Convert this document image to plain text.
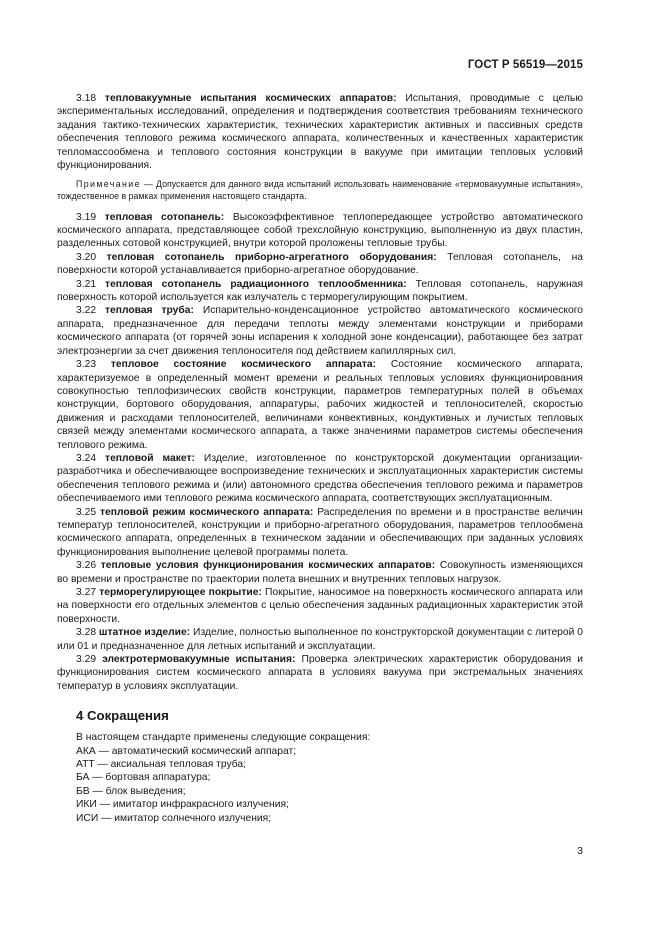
ГОСТ Р 56519—2015

3.18 тепловакуумные испытания космических аппаратов: Испытания, проводимые с целью экспериментальных исследований, определения и подтверждения соответствия требованиям технического задания тактико-технических характеристик, технических характеристик активных и пассивных средств обеспечения теплового режима космического аппарата, количественных и качественных характеристик тепломассообмена и теплового состояния конструкции в вакууме при имитации тепловых условий функционирования.

Примечание — Допускается для данного вида испытаний использовать наименование «термовакуумные испытания», тождественное в рамках применения настоящего стандарта.

3.19 тепловая сотопанель: Высокоэффективное теплопередающее устройство автоматического космического аппарата, представляющее собой трехслойную конструкцию, выполненную из двух пластин, разделенных сотовой конструкцией, внутри которой проложены тепловые трубы.

3.20 тепловая сотопанель приборно-агрегатного оборудования: Тепловая сотопанель, на поверхности которой устанавливается приборно-агрегатное оборудование.

3.21 тепловая сотопанель радиационного теплообменника: Тепловая сотопанель, наружная поверхность которой используется как излучатель с терморегулирующим покрытием.

3.22 тепловая труба: Испарительно-конденсационное устройство автоматического космического аппарата, предназначенное для передачи теплоты между элементами конструкции и приборами космического аппарата (от горячей зоны испарения к холодной зоне конденсации), работающее без затрат электроэнергии за счет движения теплоносителя под действием капиллярных сил.

3.23 тепловое состояние космического аппарата: Состояние космического аппарата, характеризуемое в определенный момент времени и реальных тепловых условиях функционирования совокупностью теплофизических свойств конструкции, параметров температурных полей в объемах конструкции, бортового оборудования, аппаратуры, рабочих жидкостей и теплоносителей, скоростью движения и расходами теплоносителей, величинами конвективных, кондуктивных и лучистых тепловых связей между элементами космического аппарата, а также значениями параметров системы обеспечения теплового режима.

3.24 тепловой макет: Изделие, изготовленное по конструкторской документации организации-разработчика и обеспечивающее воспроизведение технических и эксплуатационных характеристик системы обеспечения теплового режима и (или) автономного средства обеспечения теплового режима и параметров обеспечиваемого ими теплового режима космического аппарата, соответствующих эксплуатационным.

3.25 тепловой режим космического аппарата: Распределения по времени и в пространстве величин температур теплоносителей, конструкции и приборно-агрегатного оборудования, параметров теплообмена космического аппарата, определенных в техническом задании и обеспечивающих при заданных условиях функционирования выполнение целевой программы полета.

3.26 тепловые условия функционирования космических аппаратов: Совокупность изменяющихся во времени и пространстве по траектории полета внешних и внутренних тепловых нагрузок.

3.27 терморегулирующее покрытие: Покрытие, наносимое на поверхность космического аппарата или на поверхности его отдельных элементов с целью обеспечения заданных радиационных характеристик этой поверхности.

3.28 штатное изделие: Изделие, полностью выполненное по конструкторской документации с литерой 0 или 01 и предназначенное для летных испытаний и эксплуатации.

3.29 электротермовакуумные испытания: Проверка электрических характеристик оборудования и функционирования систем космического аппарата в условиях вакуума при экстремальных значениях температур в условиях эксплуатации.

4 Сокращения

В настоящем стандарте применены следующие сокращения:

АКА — автоматический космический аппарат;

АТТ — аксиальная тепловая труба;

БА — бортовая аппаратура;

БВ — блок выведения;

ИКИ — имитатор инфракрасного излучения;

ИСИ — имитатор солнечного излучения;

3
